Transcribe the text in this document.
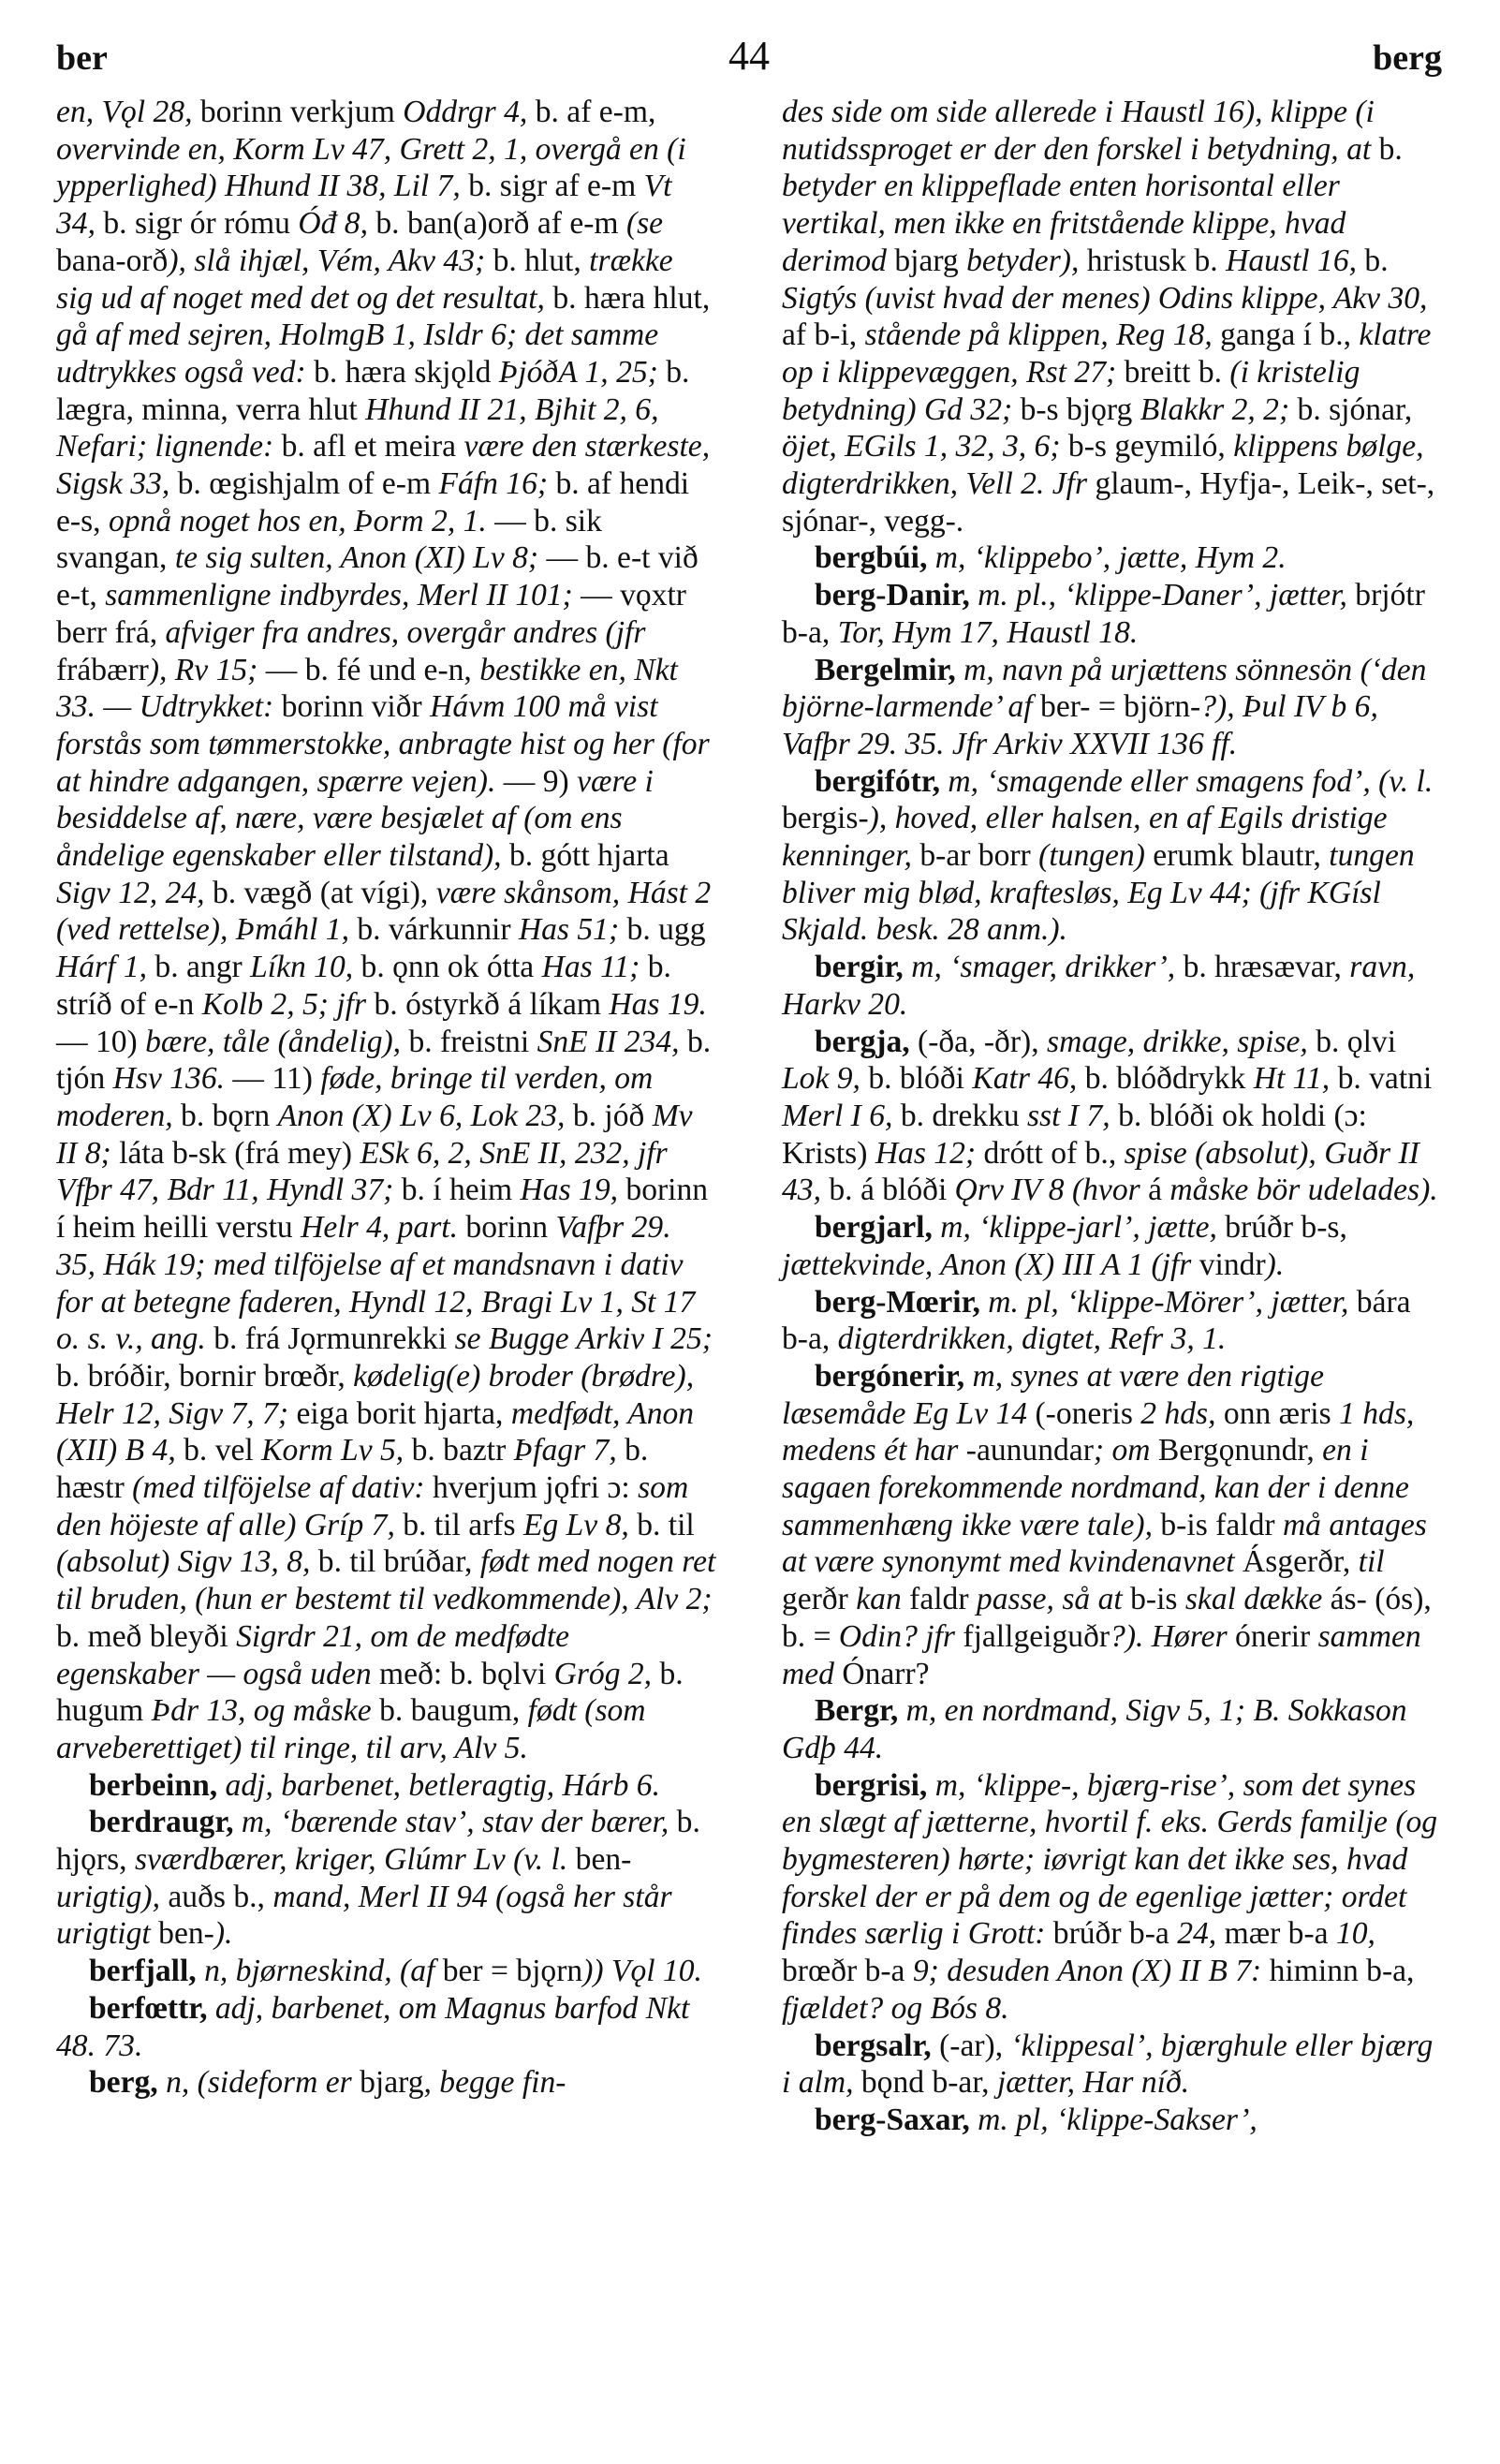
ber	44	berg

en, Vǫl 28, borinn verkjum Oddrgr 4, b. af e-m, overvinde en, Korm Lv 47, Grett 2, 1, overgå en (i ypperlighed) Hhund II 38, Lil 7, b. sigr af e-m Vt 34, b. sigr ór rómu Óđ 8, b. ban(a)orð af e-m (se bana-orð), slå ihjæl, Vém, Akv 43; b. hlut, trække sig ud af noget med det og det resultat, b. hæra hlut, gå af med sejren, HolmgB 1, Isldr 6; det samme udtrykkes også ved: b. hæra skjǫld ÞjóðA 1, 25; b. lægra, minna, verra hlut Hhund II 21, Bjhit 2, 6, Nefari; lignende: b. afl et meira være den stærkeste, Sigsk 33, b. œgishjalm of e-m Fáfn 16; b. af hendi e-s, opnå noget hos en, Þorm 2, 1. — b. sik svangan, te sig sulten, Anon (XI) Lv 8; — b. e-t við e-t, sammenligne indbyrdes, Merl II 101; — vǫxtr berr frá, afviger fra andres, overgår andres (jfr frábærr), Rv 15; — b. fé und e-n, bestikke en, Nkt 33. — Udtrykket: borinn viðr Hávm 100 må vist forstås som tømmerstokke, anbragte hist og her (for at hindre adgangen, spærre vejen). — 9) være i besiddelse af, nære, være besjælet af (om ens åndelige egenskaber eller tilstand), b. gótt hjarta Sigv 12, 24, b. vægð (at vígi), være skånsom, Hást 2 (ved rettelse), Þmáhl 1, b. várkunnir Has 51; b. ugg Hárf 1, b. angr Líkn 10, b. ǫnn ok ótta Has 11; b. stríð of e-n Kolb 2, 5; jfr b. óstyrkð á líkam Has 19. — 10) bære, tåle (åndelig), b. freistni SnE II 234, b. tjón Hsv 136. — 11) føde, bringe til verden, om moderen, b. bǫrn Anon (X) Lv 6, Lok 23, b. jóð Mv II 8; láta b-sk (frá mey) ESk 6, 2, SnE II, 232, jfr Vfþr 47, Bdr 11, Hyndl 37; b. í heim Has 19, borinn í heim heilli verstu Helr 4, part. borinn Vafþr 29. 35, Hák 19; med tilföjelse af et mandsnavn i dativ for at betegne faderen, Hyndl 12, Bragi Lv 1, St 17 o. s. v., ang. b. frá Jǫrmunrekki se Bugge Arkiv I 25; b. bróðir, bornir brœðr, kødelig(e) broder (brødre), Helr 12, Sigv 7, 7; eiga borit hjarta, medfødt, Anon (XII) B 4, b. vel Korm Lv 5, b. baztr Þfagr 7, b. hæstr (med tilföjelse af dativ: hverjum jǫfri ɔ: som den höjeste af alle) Gríp 7, b. til arfs Eg Lv 8, b. til (absolut) Sigv 13, 8, b. til brúðar, født med nogen ret til bruden, (hun er bestemt til vedkommende), Alv 2; b. með bleyði Sigrdr 21, om de medfødte egenskaber — også uden með: b. bǫlvi Gróg 2, b. hugum Þdr 13, og måske b. baugum, født (som arveberettiget) til ringe, til arv, Alv 5.

berbeinn, adj, barbenet, betleragtig, Hárb 6.

berdraugr, m, ‘bærende stav’, stav der bærer, b. hjǫrs, sværdbærer, kriger, Glúmr Lv (v. l. ben- urigtig), auðs b., mand, Merl II 94 (også her står urigtigt ben-).

berfjall, n, bjørneskind, (af ber = bjǫrn)) Vǫl 10.

berfœttr, adj, barbenet, om Magnus barfod Nkt 48. 73.

berg, n, (sideform er bjarg, begge fin-

des side om side allerede i Haustl 16), klippe (i nutidssproget er der den forskel i betydning, at b. betyder en klippeflade enten horisontal eller vertikal, men ikke en fritstående klippe, hvad derimod bjarg betyder), hristusk b. Haustl 16, b. Sigtýs (uvist hvad der menes) Odins klippe, Akv 30, af b-i, stående på klippen, Reg 18, ganga í b., klatre op i klippevæggen, Rst 27; breitt b. (i kristelig betydning) Gd 32; b-s bjǫrg Blakkr 2, 2; b. sjónar, öjet, EGils 1, 32, 3, 6; b-s geymiló, klippens bølge, digterdrikken, Vell 2. Jfr glaum-, Hyfja-, Leik-, set-, sjónar-, vegg-.

bergbúi, m, ‘klippebo’, jætte, Hym 2.

berg-Danir, m. pl., ‘klippe-Daner’, jætter, brjótr b-a, Tor, Hym 17, Haustl 18.

Bergelmir, m, navn på urjættens sönnesön (‘den björne-larmende’ af ber- = björn-?), Þul IV b 6, Vafþr 29. 35. Jfr Arkiv XXVII 136 ff.

bergifótr, m, ‘smagende eller smagens fod’, (v. l. bergis-), hoved, eller halsen, en af Egils dristige kenninger, b-ar borr (tungen) erumk blautr, tungen bliver mig blød, kraftesløs, Eg Lv 44; (jfr KGísl Skjald. besk. 28 anm.).

bergir, m, ‘smager, drikker’, b. hræsævar, ravn, Harkv 20.

bergja, (-ða, -ðr), smage, drikke, spise, b. ǫlvi Lok 9, b. blóði Katr 46, b. blóðdrykk Ht 11, b. vatni Merl I 6, b. drekku sst I 7, b. blóði ok holdi (ɔ: Krists) Has 12; drótt of b., spise (absolut), Guðr II 43, b. á blóði Ǫrv IV 8 (hvor á måske bör udelades).

bergjarl, m, ‘klippe-jarl’, jætte, brúðr b-s, jættekvinde, Anon (X) III A 1 (jfr vindr).

berg-Mœrir, m. pl, ‘klippe-Mörer’, jætter, bára b-a, digterdrikken, digtet, Refr 3, 1.

bergónerir, m, synes at være den rigtige læsemåde Eg Lv 14 (-oneris 2 hds, onn æris 1 hds, medens ét har -aunundar; om Bergǫnundr, en i sagaen forekommende nordmand, kan der i denne sammenhæng ikke være tale), b-is faldr må antages at være synonymt med kvindenavnet Ásgerðr, til gerðr kan faldr passe, så at b-is skal dække ás- (ós), b. = Odin? jfr fjallgeiguðr?). Hører ónerir sammen med Ónarr?

Bergr, m, en nordmand, Sigv 5, 1; B. Sokkason Gdþ 44.

bergrisi, m, ‘klippe-, bjærg-rise’, som det synes en slægt af jætterne, hvortil f. eks. Gerds familje (og bygmesteren) hørte; iøvrigt kan det ikke ses, hvad forskel der er på dem og de egenlige jætter; ordet findes særlig i Grott: brúðr b-a 24, mær b-a 10, brœðr b-a 9; desuden Anon (X) II B 7: himinn b-a, fjældet? og Bós 8.

bergsalr, (-ar), ‘klippesal’, bjærghule eller bjærg i alm, bǫnd b-ar, jætter, Har níð.

berg-Saxar, m. pl, ‘klippe-Sakser’,
